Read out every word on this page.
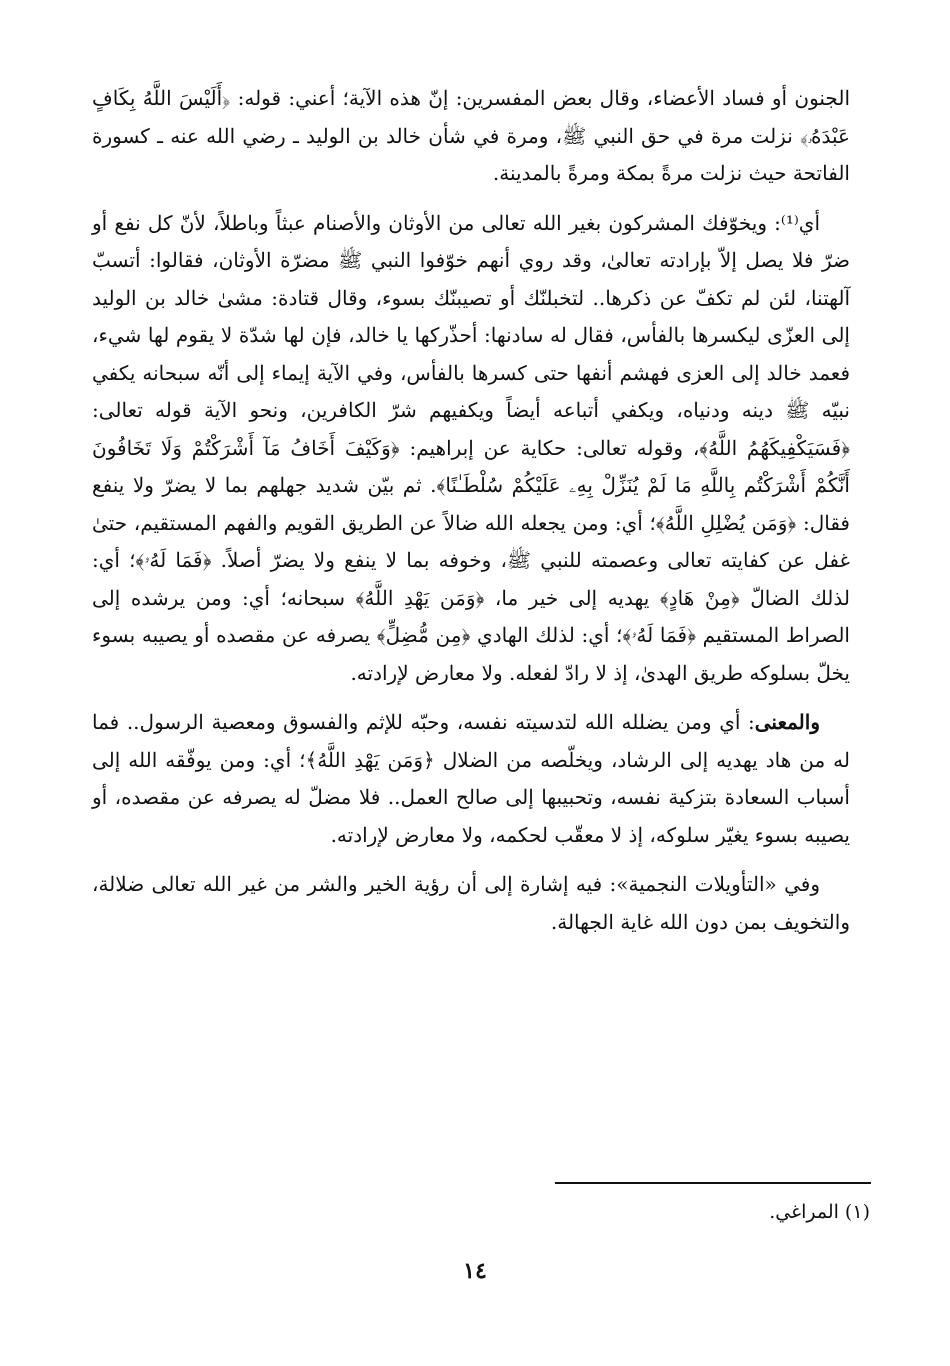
الجنون أو فساد الأعضاء، وقال بعض المفسرين: إنّ هذه الآية؛ أعني: قوله: ﴿أَلَيْسَ اللَّهُ بِكَافٍ عَبْدَهُۥ﴾ نزلت مرة في حق النبي ﷺ، ومرة في شأن خالد بن الوليد ـ رضي الله عنه ـ كسورة الفاتحة حيث نزلت مرةً بمكة ومرةً بالمدينة.

أي⁽¹⁾: ويخوّفك المشركون بغير الله تعالى من الأوثان والأصنام عبثاً وباطلاً، لأنّ كل نفع أو ضرّ فلا يصل إلاّ بإرادته تعالىٰ، وقد روي أنهم خوّفوا النبي ﷺ مضرّة الأوثان، فقالوا: أتسبّ آلهتنا، لئن لم تكفّ عن ذكرها.. لتخبلنّك أو تصيبنّك بسوء، وقال قتادة: مشىٰ خالد بن الوليد إلى العزّى ليكسرها بالفأس، فقال له سادنها: أحذّركها يا خالد، فإن لها شدّة لا يقوم لها شيء، فعمد خالد إلى العزى فهشم أنفها حتى كسرها بالفأس، وفي الآية إيماء إلى أنّه سبحانه يكفي نبيّه ﷺ دينه ودنياه، ويكفي أتباعه أيضاً ويكفيهم شرّ الكافرين، ونحو الآية قوله تعالى: ﴿فَسَيَكْفِيكَهُمُ اللَّهُ﴾، وقوله تعالى: حكاية عن إبراهيم: ﴿وَكَيْفَ أَخَافُ مَآ أَشْرَكْتُمْ وَلَا تَخَافُونَ أَنَّكُمْ أَشْرَكْتُم بِاللَّهِ مَا لَمْ يُنَزِّلْ بِهِۦ عَلَيْكُمْ سُلْطَـٰنًا﴾. ثم بيّن شديد جهلهم بما لا يضرّ ولا ينفع فقال: ﴿وَمَن يُضْلِلِ اللَّهُ﴾؛ أي: ومن يجعله الله ضالاً عن الطريق القويم والفهم المستقيم، حتىٰ غفل عن كفايته تعالى وعصمته للنبي ﷺ، وخوفه بما لا ينفع ولا يضرّ أصلاً. ﴿فَمَا لَهُۥ﴾؛ أي: لذلك الضالّ ﴿مِنْ هَادٍ﴾ يهديه إلى خير ما، ﴿وَمَن يَهْدِ اللَّهُ﴾ سبحانه؛ أي: ومن يرشده إلى الصراط المستقيم ﴿فَمَا لَهُۥ﴾؛ أي: لذلك الهادي ﴿مِن مُّضِلٍّ﴾ يصرفه عن مقصده أو يصيبه بسوء يخلّ بسلوكه طريق الهدىٰ، إذ لا رادّ لفعله. ولا معارض لإرادته.

والمعنى: أي ومن يضلله الله لتدسيته نفسه، وحبّه للإثم والفسوق ومعصية الرسول.. فما له من هاد يهديه إلى الرشاد، ويخلّصه من الضلال ﴿وَمَن يَهْدِ اللَّهُ﴾؛ أي: ومن يوفّقه الله إلى أسباب السعادة بتزكية نفسه، وتحبيبها إلى صالح العمل.. فلا مضلّ له يصرفه عن مقصده، أو يصيبه بسوء يغيّر سلوكه، إذ لا معقّب لحكمه، ولا معارض لإرادته.

وفي «التأويلات النجمية»: فيه إشارة إلى أن رؤية الخير والشر من غير الله تعالى ضلالة، والتخويف بمن دون الله غاية الجهالة.

(١) المراغي.
١٤
